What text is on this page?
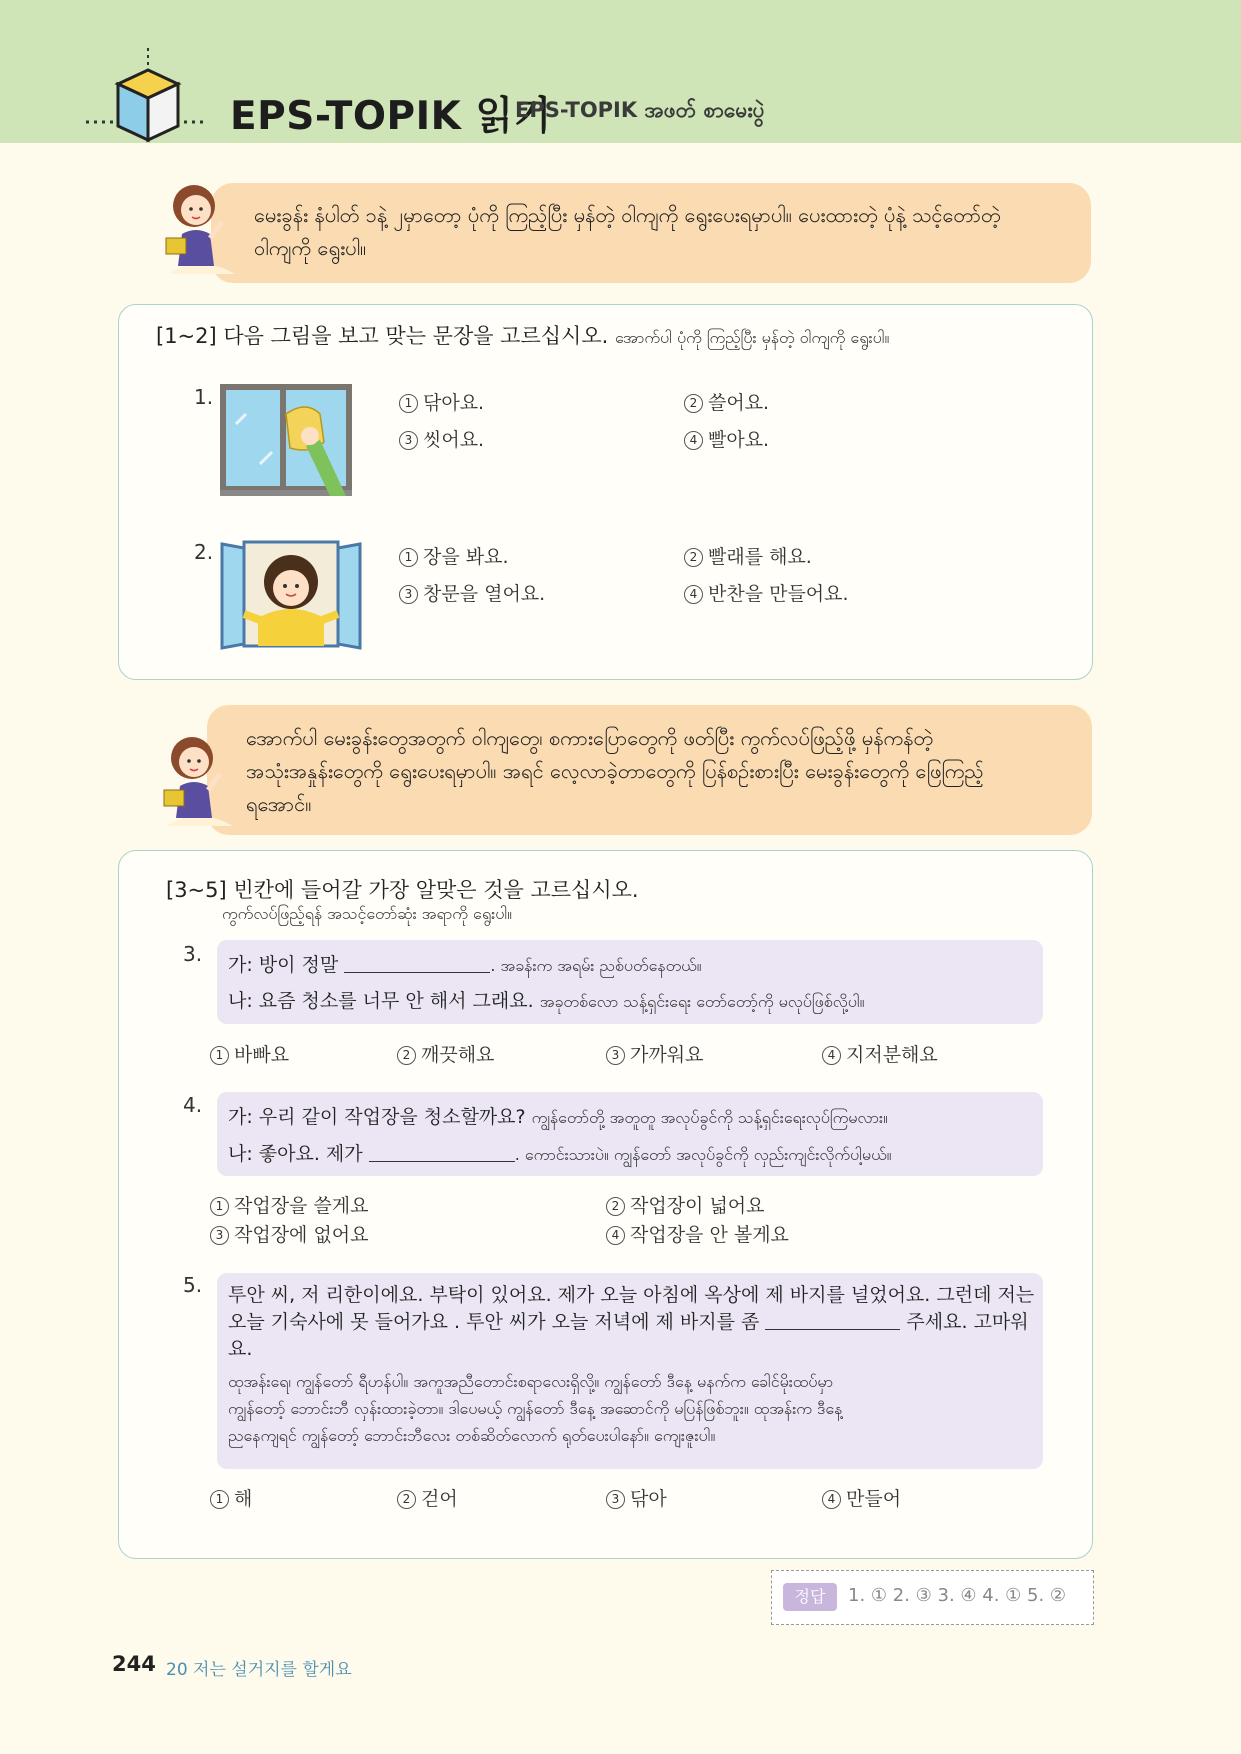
EPS-TOPIK 읽기
EPS-TOPIK အဖတ် စာမေးပွဲ
မေးခွန်း နံပါတ် ၁နဲ့ ၂မှာတော့ ပုံကို ကြည့်ပြီး မှန်တဲ့ ဝါကျကို ရွေးပေးရမှာပါ။ ပေးထားတဲ့ ပုံနဲ့ သင့်တော်တဲ့ ဝါကျကို ရွေးပါ။
[1~2] 다음 그림을 보고 맞는 문장을 고르십시오. အောက်ပါ ပုံကို ကြည့်ပြီး မှန်တဲ့ ဝါကျကို ရွေးပါ။
1.	1 닦아요.	2 쓸어요.
3 씻어요.	4 빨아요.
2.	1 장을 봐요.	2 빨래를 해요.
3 창문을 열어요.	4 반찬을 만들어요.
အောက်ပါ မေးခွန်းတွေအတွက် ဝါကျတွေ၊ စကားပြောတွေကို ဖတ်ပြီး ကွက်လပ်ဖြည့်ဖို့ မှန်ကန်တဲ့ အသုံးအနှုန်းတွေကို ရွေးပေးရမှာပါ။ အရင် လေ့လာခဲ့တာတွေကို ပြန်စဉ်းစားပြီး မေးခွန်းတွေကို ဖြေကြည့်ရအောင်။
[3~5] 빈칸에 들어갈 가장 알맞은 것을 고르십시오.
ကွက်လပ်ဖြည့်ရန် အသင့်တော်ဆုံး အရာကို ရွေးပါ။
3. 가: 방이 정말	. အခန်းက အရမ်း ညစ်ပတ်နေတယ်။
나: 요즘 청소를 너무 안 해서 그래요. အခုတစ်လော သန့်ရှင်းရေး တော်တော့်ကို မလုပ်ဖြစ်လို့ပါ။
1 바빠요	2 깨끗해요	3 가까워요	4 지저분해요
4. 가: 우리 같이 작업장을 청소할까요? ကျွန်တော်တို့ အတူတူ အလုပ်ခွင်ကို သန့်ရှင်းရေးလုပ်ကြမလား။
나: 좋아요. 제가	. ကောင်းသားပဲ။ ကျွန်တော် အလုပ်ခွင်ကို လှည်းကျင်းလိုက်ပါ့မယ်။
1 작업장을 쓸게요	2 작업장이 넓어요
3 작업장에 없어요	4 작업장을 안 볼게요
5. 투안 씨, 저 리한이에요. 부탁이 있어요. 제가 오늘 아침에 옥상에 제 바지를 널었어요. 그런데 저는
오늘 기숙사에 못 들어가요 . 투안 씨가 오늘 저녁에 제 바지를 좀	주세요. 고마워
요.
ထုအန်းရေ၊ ကျွန်တော် ရီဟန်ပါ။ အကူအညီတောင်းစရာလေးရှိလို့။ ကျွန်တော် ဒီနေ့ မနက်က ခေါင်မိုးထပ်မှာ
ကျွန်တော့် ဘောင်းဘီ လှန်းထားခဲ့တာ။ ဒါပေမယ့် ကျွန်တော် ဒီနေ့ အဆောင်ကို မပြန်ဖြစ်ဘူး။ ထုအန်းက ဒီနေ့
ညနေကျရင် ကျွန်တော့် ဘောင်းဘီလေး တစ်ဆိတ်လောက် ရုတ်ပေးပါနော်။ ကျေးဇူးပါ။
1 해	2 걷어	3 닦아	4 만들어
정답	1. ① 2. ③ 3. ④ 4. ① 5. ②
244 20 저는 설거지를 할게요
